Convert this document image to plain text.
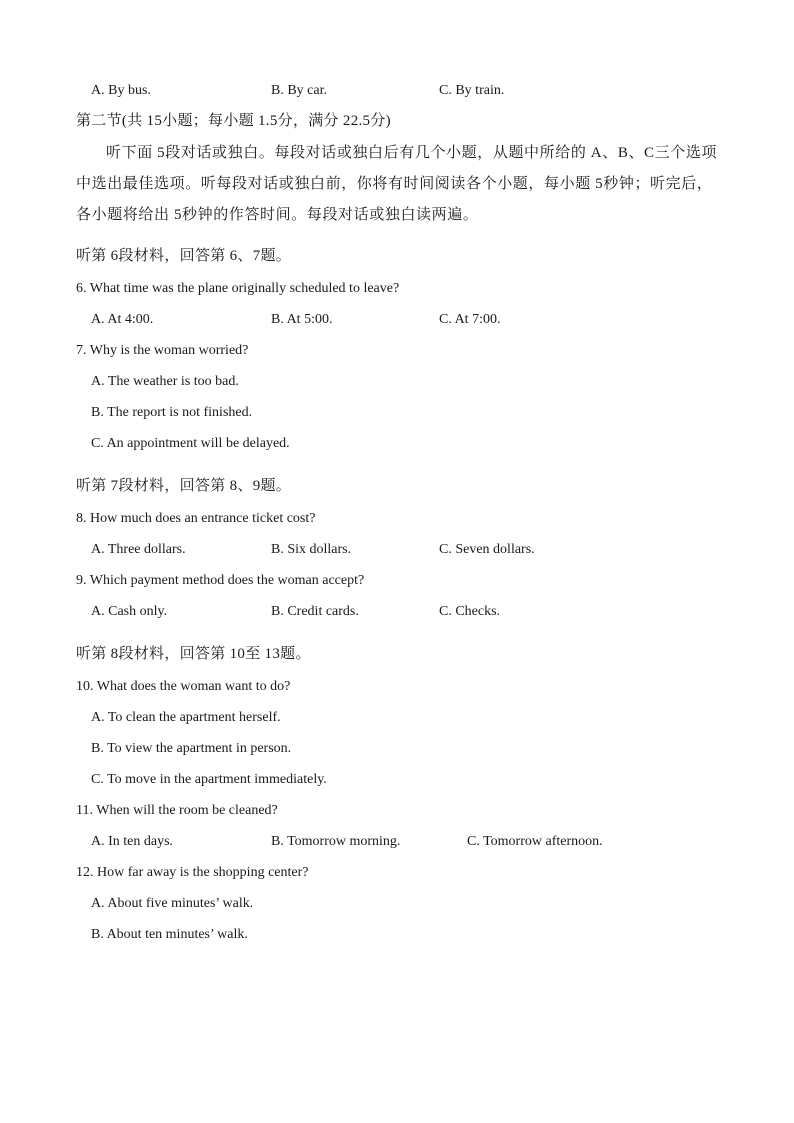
A. By bus.	B. By car.	C. By train.
第二节(共 15小题；每小题 1.5分，满分 22.5分)
听下面 5段对话或独白。每段对话或独白后有几个小题，从题中所给的 A、B、C三个选项中选出最佳选项。听每段对话或独白前，你将有时间阅读各个小题，每小题 5秒钟；听完后，各小题将给出 5秒钟的作答时间。每段对话或独白读两遍。
听第 6段材料，回答第 6、7题。
6. What time was the plane originally scheduled to leave?
A. At 4:00.	B. At 5:00.	C. At 7:00.
7. Why is the woman worried?
A. The weather is too bad.
B. The report is not finished.
C. An appointment will be delayed.
听第 7段材料，回答第 8、9题。
8. How much does an entrance ticket cost?
A. Three dollars.	B. Six dollars.	C. Seven dollars.
9. Which payment method does the woman accept?
A. Cash only.	B. Credit cards.	C. Checks.
听第 8段材料，回答第 10至 13题。
10. What does the woman want to do?
A. To clean the apartment herself.
B. To view the apartment in person.
C. To move in the apartment immediately.
11. When will the room be cleaned?
A. In ten days.	B. Tomorrow morning.	C. Tomorrow afternoon.
12. How far away is the shopping center?
A. About five minutes’ walk.
B. About ten minutes’ walk.
